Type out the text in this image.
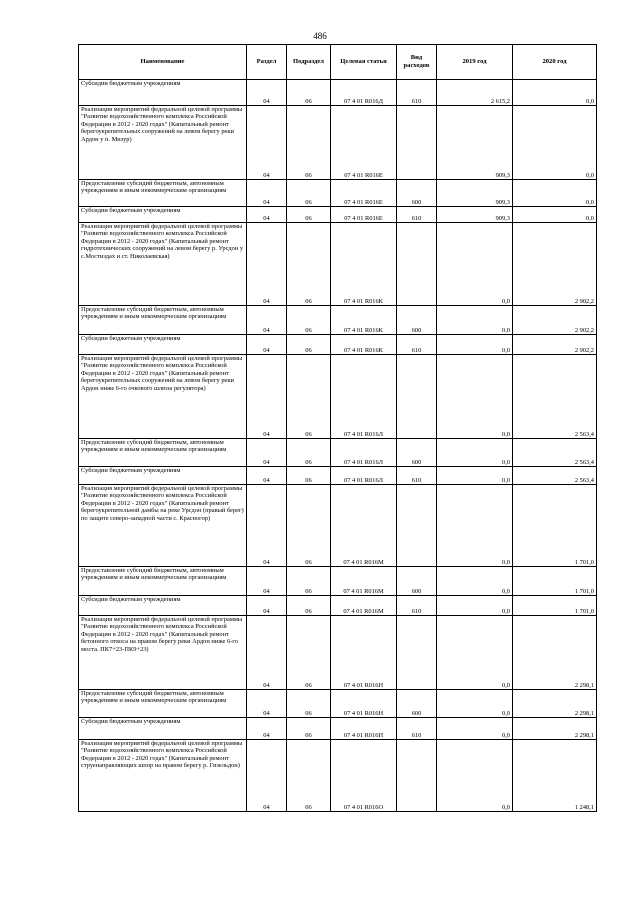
486
Наименование	Раздел	Подраздел	Целевая статья	Вид расходов	2019 год	2020 год
Субсидии бюджетным учреждениям	04	06	07 4 01 R016Д	610	2 615,2	0,0
Реализация мероприятий федеральной целевой программы "Развитие водохозяйственного комплекса Российской Федерации в 2012 - 2020 годах" (Капитальный ремонт берегоукрепительных сооружений на левом берегу реки Ардон у п. Мизур)	04	06	07 4 01 R016Е		909,3	0,0
Предоставление субсидий бюджетным, автономным учреждениям и иным некоммерческим организациям	04	06	07 4 01 R016Е	600	909,3	0,0
Субсидии бюджетным учреждениям	04	06	07 4 01 R016Е	610	909,3	0,0
Реализация мероприятий федеральной целевой программы "Развитие водохозяйственного комплекса Российской Федерации в 2012 - 2020 годах" (Капитальный ремонт гидротехнических сооружений на левом берегу р. Урсдон у с.Мостиздах и ст. Николаевская)	04	06	07 4 01 R016К		0,0	2 902,2
Предоставление субсидий бюджетным, автономным учреждениям и иным некоммерческим организациям	04	06	07 4 01 R016К	600	0,0	2 902,2
Субсидии бюджетным учреждениям	04	06	07 4 01 R016К	610	0,0	2 902,2
Реализация мероприятий федеральной целевой программы "Развитие водохозяйственного комплекса Российской Федерации в 2012 - 2020 годах" (Капитальный ремонт берегоукрепительных сооружений на левом берегу реки Ардон ниже 6-го очкового шлюза регулятора)	04	06	07 4 01 R016Л		0,0	2 563,4
Предоставление субсидий бюджетным, автономным учреждениям и иным некоммерческим организациям	04	06	07 4 01 R016Л	600	0,0	2 563,4
Субсидии бюджетным учреждениям	04	06	07 4 01 R016Л	610	0,0	2 563,4
Реализация мероприятий федеральной целевой программы "Развитие водохозяйственного комплекса Российской Федерации в 2012 - 2020 годах" (Капитальный ремонт берегоукрепительной дамбы на реке Урсдон (правый берег) по защите северо-западной части с. Красногор)	04	06	07 4 01 R016М		0,0	1 701,0
Предоставление субсидий бюджетным, автономным учреждениям и иным некоммерческим организациям	04	06	07 4 01 R016М	600	0,0	1 701,0
Субсидии бюджетным учреждениям	04	06	07 4 01 R016М	610	0,0	1 701,0
Реализация мероприятий федеральной целевой программы "Развитие водохозяйственного комплекса Российской Федерации в 2012 - 2020 годах" (Капитальный ремонт бетонного откоса на правом берегу реки Ардон ниже 6-го моста. ПК7+23-ПК9+23)	04	06	07 4 01 R016Н		0,0	2 298,1
Предоставление субсидий бюджетным, автономным учреждениям и иным некоммерческим организациям	04	06	07 4 01 R016Н	600	0,0	2 298,1
Субсидии бюджетным учреждениям	04	06	07 4 01 R016Н	610	0,0	2 298,1
Реализация мероприятий федеральной целевой программы "Развитие водохозяйственного комплекса Российской Федерации в 2012 - 2020 годах" (Капитальный ремонт струенаправляющих шпор на правом берегу р. Гизельдон)	04	06	07 4 01 R016О		0,0	1 248,1
